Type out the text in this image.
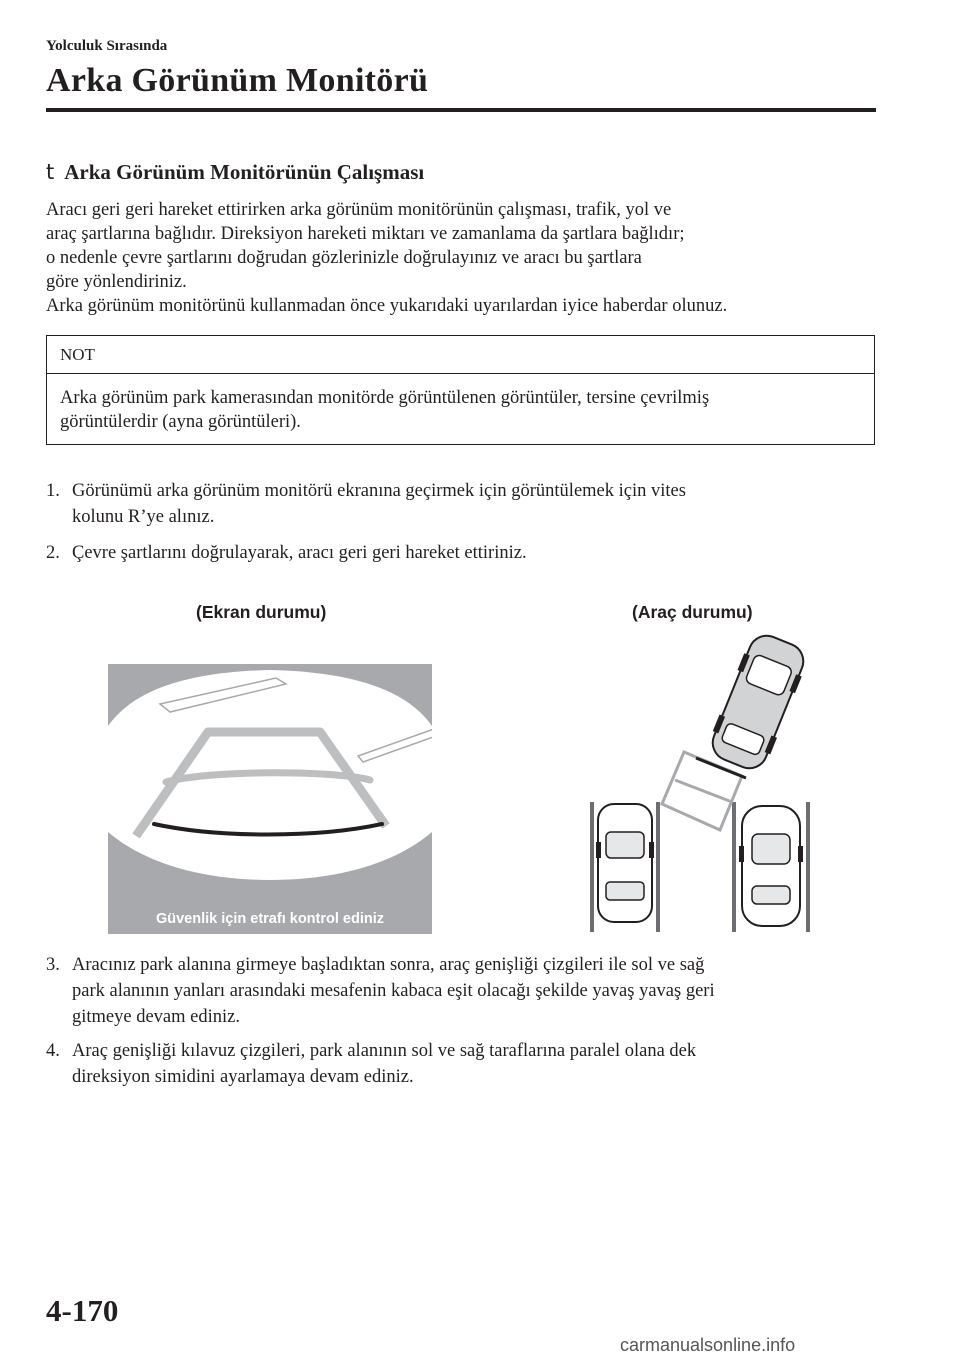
Yolculuk Sırasında
Arka Görünüm Monitörü
t Arka Görünüm Monitörünün Çalışması
Aracı geri geri hareket ettirirken arka görünüm monitörünün çalışması, trafik, yol ve
araç şartlarına bağlıdır. Direksiyon hareketi miktarı ve zamanlama da şartlara bağlıdır;
o nedenle çevre şartlarını doğrudan gözlerinizle doğrulayınız ve aracı bu şartlara
göre yönlendiriniz.
Arka görünüm monitörünü kullanmadan önce yukarıdaki uyarılardan iyice haberdar olunuz.
NOT
Arka görünüm park kamerasından monitörde görüntülenen görüntüler, tersine çevrilmiş
görüntülerdir (ayna görüntüleri).
1. Görünümü arka görünüm monitörü ekranına geçirmek için görüntülemek için vites
kolunu R’ye alınız.
2. Çevre şartlarını doğrulayarak, aracı geri geri hareket ettiriniz.
(Ekran durumu)	(Araç durumu)
Güvenlik için etrafı kontrol ediniz
3. Aracınız park alanına girmeye başladıktan sonra, araç genişliği çizgileri ile sol ve sağ
park alanının yanları arasındaki mesafenin kabaca eşit olacağı şekilde yavaş yavaş geri
gitmeye devam ediniz.
4. Araç genişliği kılavuz çizgileri, park alanının sol ve sağ taraflarına paralel olana dek
direksiyon simidini ayarlamaya devam ediniz.
4-170
carmanualsonline.info
